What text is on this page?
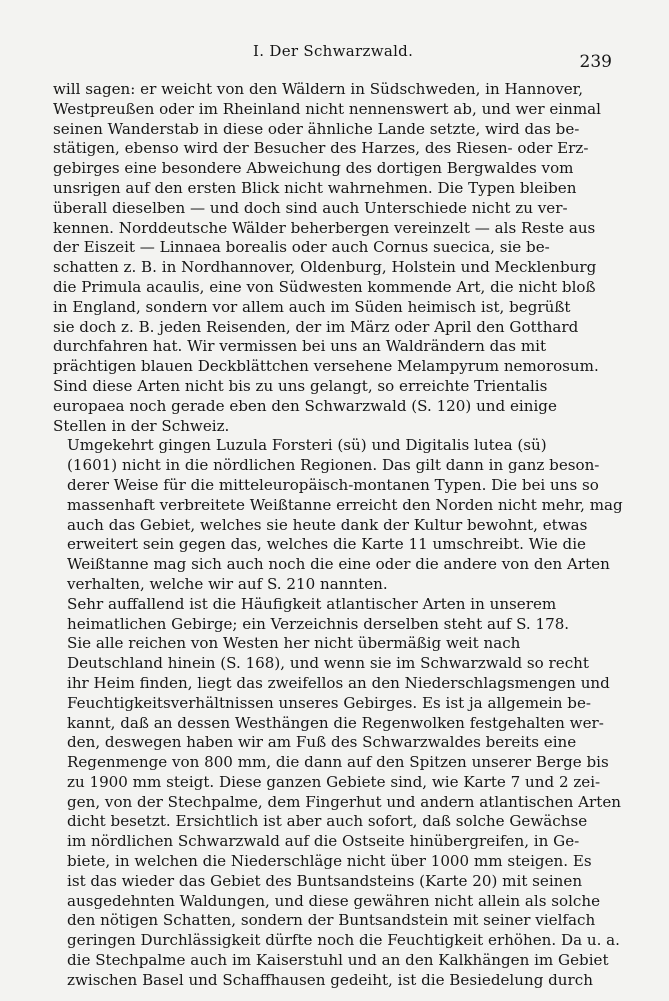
I. Der Schwarzwald.
239

will sagen: er weicht von den Wäldern in Südschweden, in Hannover,
Westpreußen oder im Rheinland nicht nennenswert ab, und wer einmal
seinen Wanderstab in diese oder ähnliche Lande setzte, wird das be-
stätigen, ebenso wird der Besucher des Harzes, des Riesen- oder Erz-
gebirges eine besondere Abweichung des dortigen Bergwaldes vom
unsrigen auf den ersten Blick nicht wahrnehmen. Die Typen bleiben
überall dieselben — und doch sind auch Unterschiede nicht zu ver-
kennen. Norddeutsche Wälder beherbergen vereinzelt — als Reste aus
der Eiszeit — Linnaea borealis oder auch Cornus suecica, sie be-
schatten z. B. in Nordhannover, Oldenburg, Holstein und Mecklenburg
die Primula acaulis, eine von Südwesten kommende Art, die nicht bloß
in England, sondern vor allem auch im Süden heimisch ist, begrüßt
sie doch z. B. jeden Reisenden, der im März oder April den Gotthard
durchfahren hat. Wir vermissen bei uns an Waldrändern das mit
prächtigen blauen Deckblättchen versehene Melampyrum nemorosum.
Sind diese Arten nicht bis zu uns gelangt, so erreichte Trientalis
europaea noch gerade eben den Schwarzwald (S. 120) und einige
Stellen in der Schweiz.

Umgekehrt gingen Luzula Forsteri (sü) und Digitalis lutea (sü)
(1601) nicht in die nördlichen Regionen. Das gilt dann in ganz beson-
derer Weise für die mitteleuropäisch-montanen Typen. Die bei uns so
massenhaft verbreitete Weißtanne erreicht den Norden nicht mehr, mag
auch das Gebiet, welches sie heute dank der Kultur bewohnt, etwas
erweitert sein gegen das, welches die Karte 11 umschreibt. Wie die
Weißtanne mag sich auch noch die eine oder die andere von den Arten
verhalten, welche wir auf S. 210 nannten.

Sehr auffallend ist die Häufigkeit atlantischer Arten in unserem
heimatlichen Gebirge; ein Verzeichnis derselben steht auf S. 178.

Sie alle reichen von Westen her nicht übermäßig weit nach
Deutschland hinein (S. 168), und wenn sie im Schwarzwald so recht
ihr Heim finden, liegt das zweifellos an den Niederschlagsmengen und
Feuchtigkeitsverhältnissen unseres Gebirges. Es ist ja allgemein be-
kannt, daß an dessen Westhängen die Regenwolken festgehalten wer-
den, deswegen haben wir am Fuß des Schwarzwaldes bereits eine
Regenmenge von 800 mm, die dann auf den Spitzen unserer Berge bis
zu 1900 mm steigt. Diese ganzen Gebiete sind, wie Karte 7 und 2 zei-
gen, von der Stechpalme, dem Fingerhut und andern atlantischen Arten
dicht besetzt. Ersichtlich ist aber auch sofort, daß solche Gewächse
im nördlichen Schwarzwald auf die Ostseite hinübergreifen, in Ge-
biete, in welchen die Niederschläge nicht über 1000 mm steigen. Es
ist das wieder das Gebiet des Buntsandsteins (Karte 20) mit seinen
ausgedehnten Waldungen, und diese gewähren nicht allein als solche
den nötigen Schatten, sondern der Buntsandstein mit seiner vielfach
geringen Durchlässigkeit dürfte noch die Feuchtigkeit erhöhen. Da u. a.
die Stechpalme auch im Kaiserstuhl und an den Kalkhängen im Gebiet
zwischen Basel und Schaffhausen gedeiht, ist die Besiedelung durch
